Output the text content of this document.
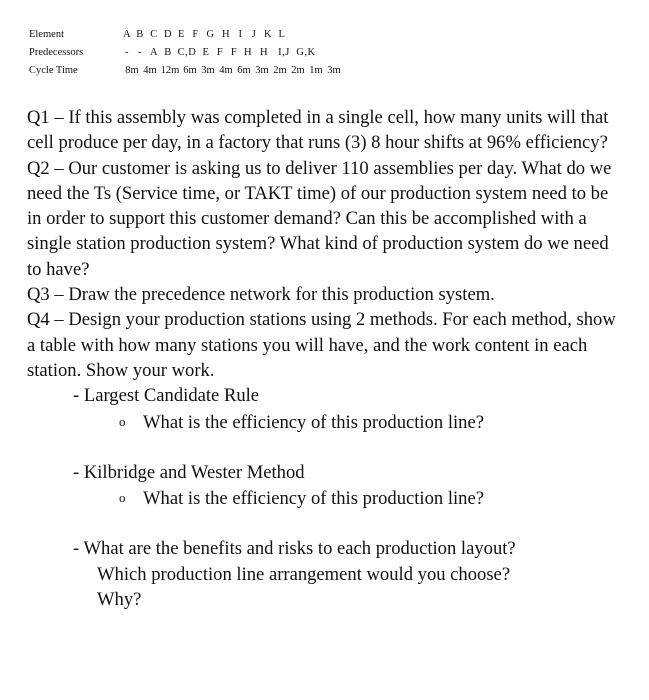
Element	A B C D E F G H I J K L
Predecessors	- - A B C,D E F F H H I,J G,K
Cycle Time	8m 4m 12m 6m 3m 4m 6m 3m 2m 2m 1m 3m

Q1 – If this assembly was completed in a single cell, how many units will that cell produce per day, in a factory that runs (3) 8 hour shifts at 96% efficiency?

Q2 – Our customer is asking us to deliver 110 assemblies per day. What do we need the Ts (Service time, or TAKT time) of our production system need to be in order to support this customer demand? Can this be accomplished with a single station production system? What kind of production system do we need to have?

Q3 – Draw the precedence network for this production system.

Q4 – Design your production stations using 2 methods. For each method, show a table with how many stations you will have, and the work content in each station. Show your work.

- Largest Candidate Rule

o What is the efficiency of this production line?

- Kilbridge and Wester Method

o What is the efficiency of this production line?

- What are the benefits and risks to each production layout?

Which production line arrangement would you choose?

Why?
